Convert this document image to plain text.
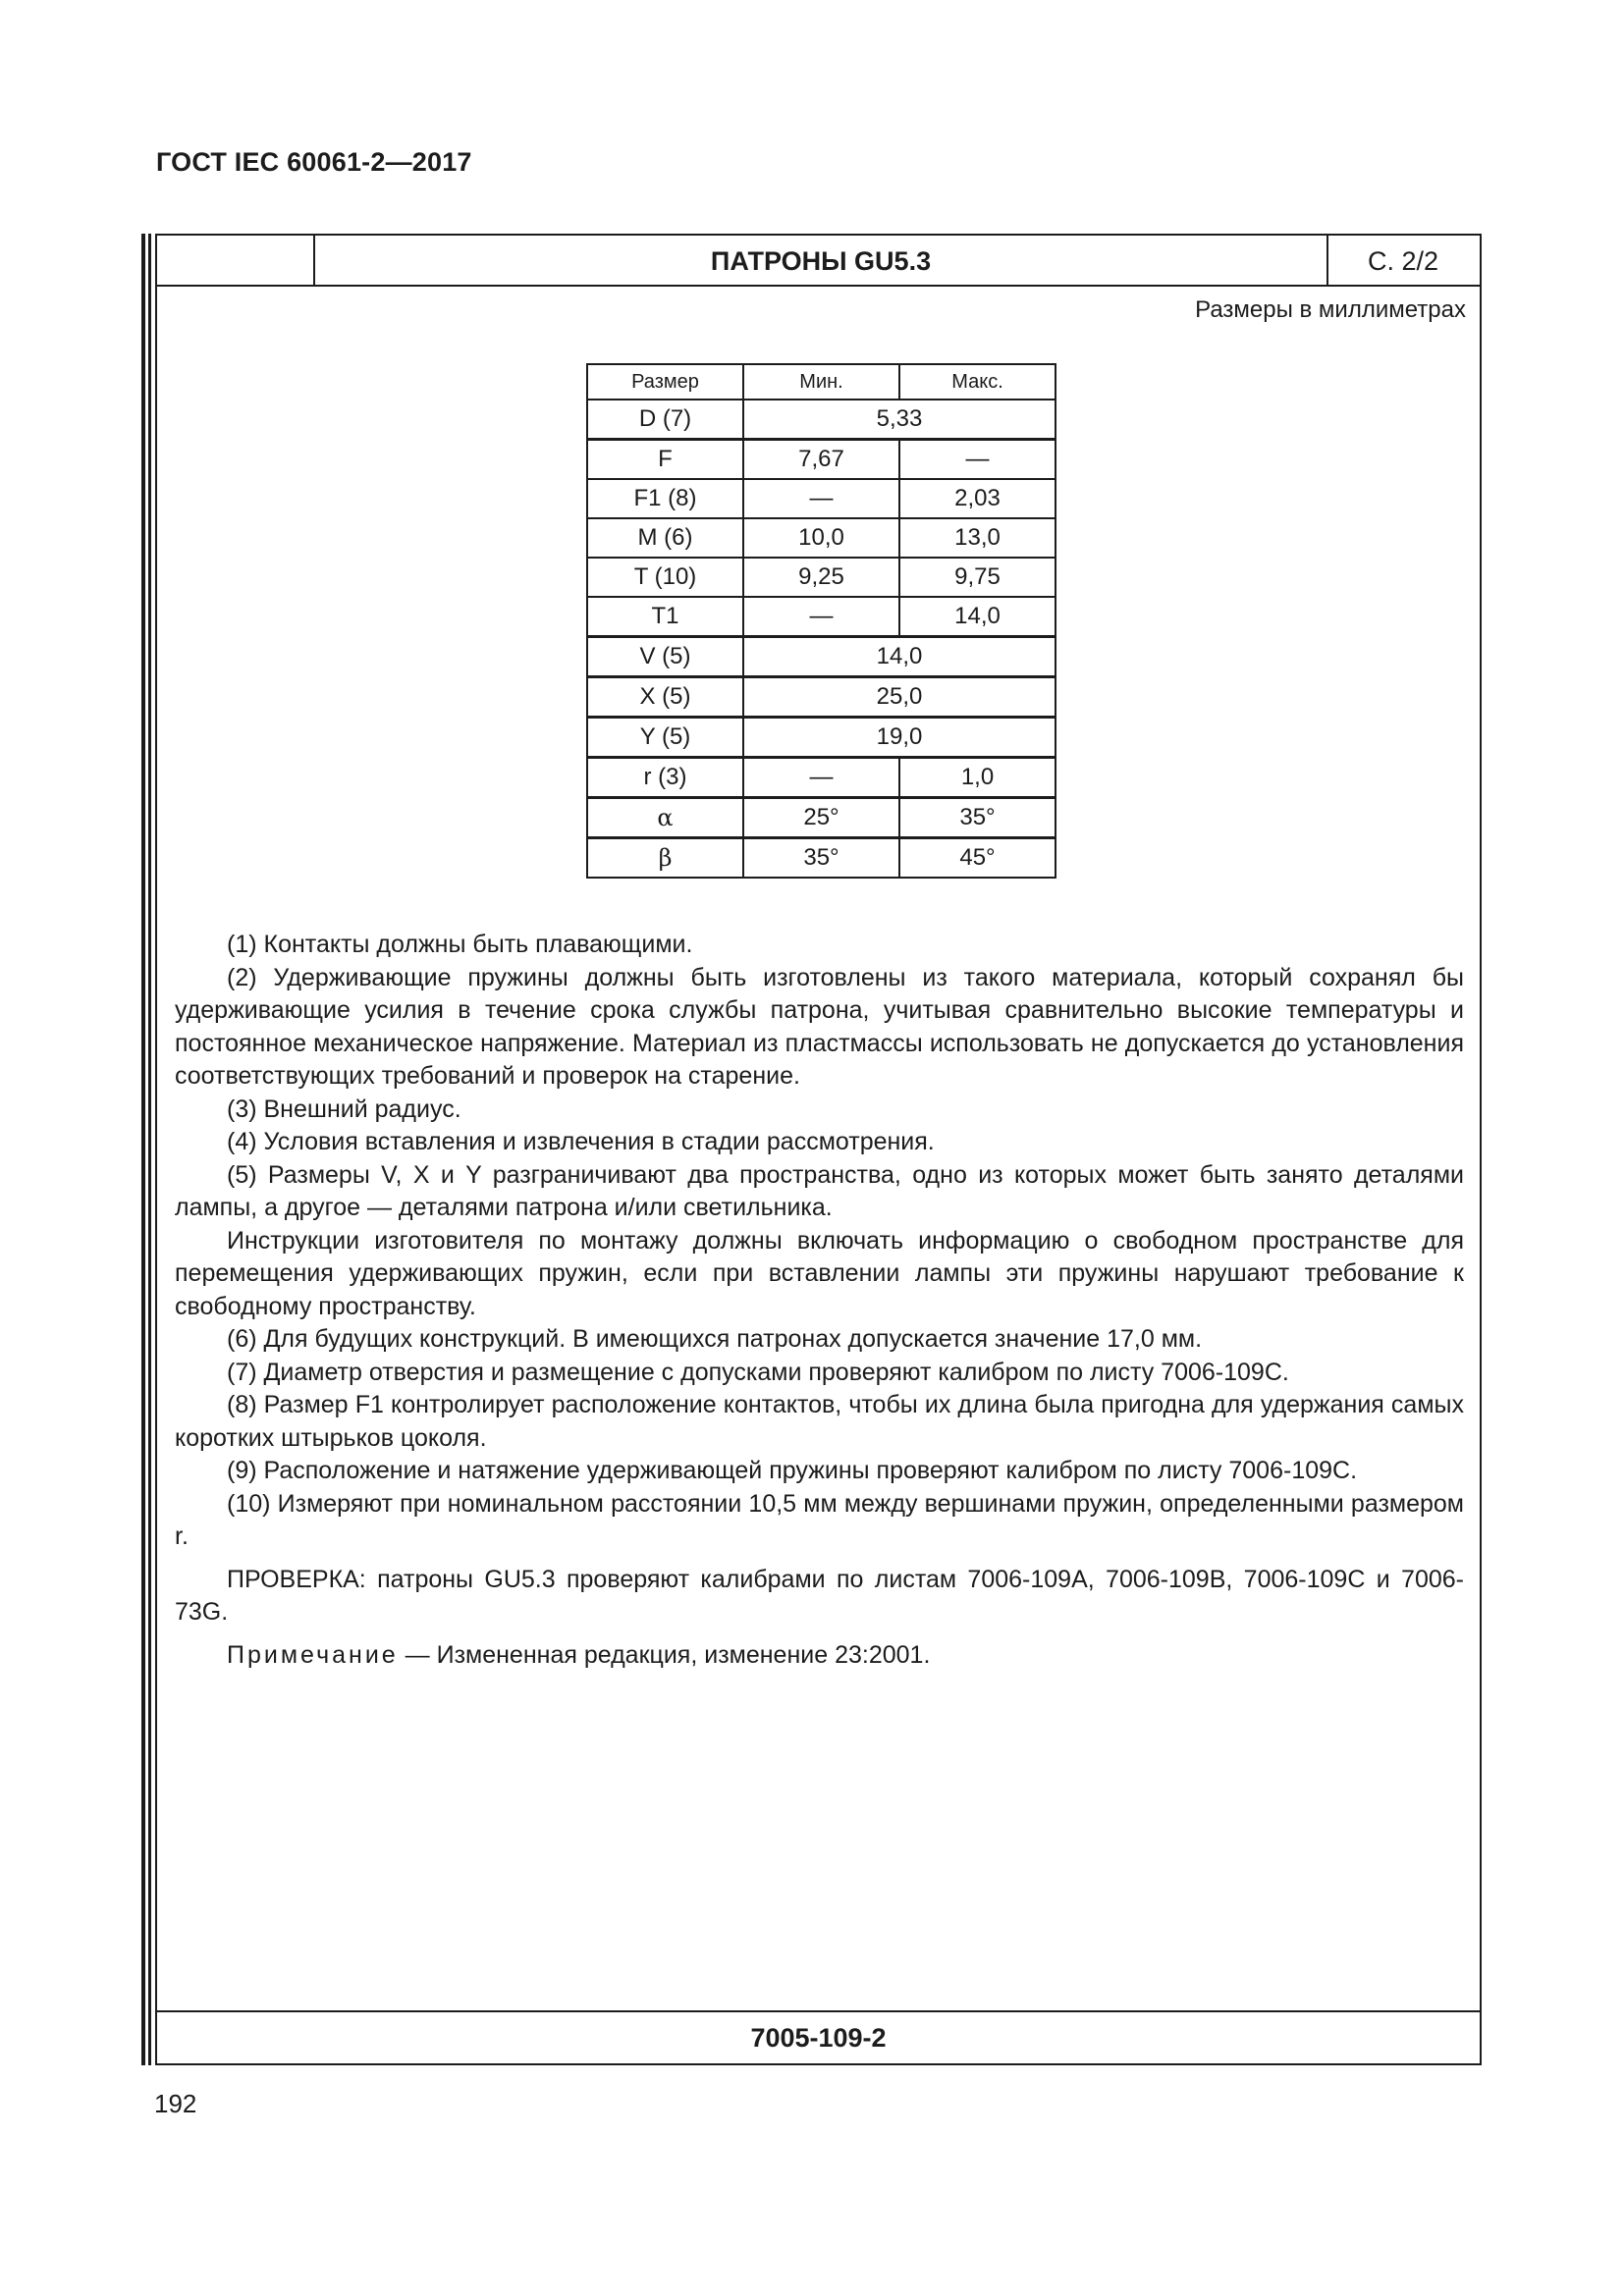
ГОСТ IEC 60061-2—2017
ПАТРОНЫ GU5.3	С. 2/2
Размеры в миллиметрах
Размер	Мин.	Макс.
D (7)	5,33	
F	7,67	—
F1 (8)	—	2,03
M (6)	10,0	13,0
T (10)	9,25	9,75
T1	—	14,0
V (5)	14,0	
X (5)	25,0	
Y (5)	19,0	
r (3)	—	1,0
α	25°	35°
β	35°	45°

(1) Контакты должны быть плавающими.

(2) Удерживающие пружины должны быть изготовлены из такого материала, который сохранял бы удерживающие усилия в течение срока службы патрона, учитывая сравнительно высокие температуры и постоянное механическое напряжение. Материал из пластмассы использовать не допускается до установления соответствующих требований и проверок на старение.

(3) Внешний радиус.

(4) Условия вставления и извлечения в стадии рассмотрения.

(5) Размеры V, X и Y разграничивают два пространства, одно из которых может быть занято деталями лампы, а другое — деталями патрона и/или светильника.

Инструкции изготовителя по монтажу должны включать информацию о свободном пространстве для перемещения удерживающих пружин, если при вставлении лампы эти пружины нарушают требование к свободному пространству.

(6) Для будущих конструкций. В имеющихся патронах допускается значение 17,0 мм.

(7) Диаметр отверстия и размещение с допусками проверяют калибром по листу 7006-109С.

(8) Размер F1 контролирует расположение контактов, чтобы их длина была пригодна для удержания самых коротких штырьков цоколя.

(9) Расположение и натяжение удерживающей пружины проверяют калибром по листу 7006-109С.

(10) Измеряют при номинальном расстоянии 10,5 мм между вершинами пружин, определенными размером r.

ПРОВЕРКА: патроны GU5.3 проверяют калибрами по листам 7006-109А, 7006-109В, 7006-109С и 7006-73G.

Примечание — Измененная редакция, изменение 23:2001.

7005-109-2
192
